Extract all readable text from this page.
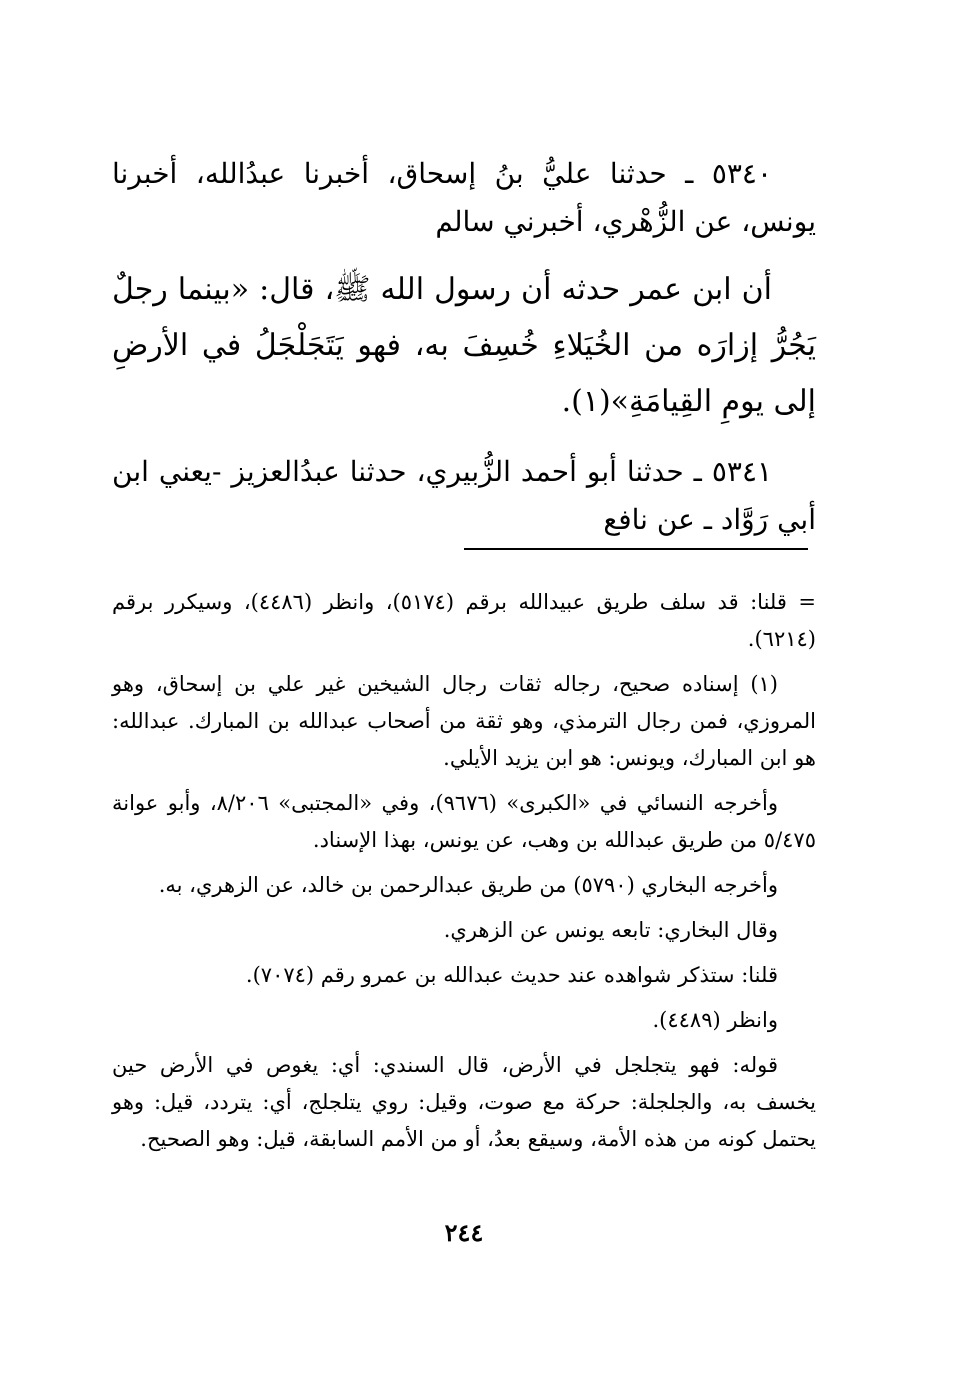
٥٣٤٠ ـ حدثنا عليُّ بنُ إسحاق، أخبرنا عبدُالله، أخبرنا يونس، عن الزُّهْري، أخبرني سالم

أن ابن عمر حدثه أن رسول الله ﷺ، قال: «بينما رجلٌ يَجُرُّ إزارَه من الخُيَلاءِ خُسِفَ به، فهو يَتَجَلْجَلُ في الأرضِ إلى يومِ القِيامَةِ»(١).

٥٣٤١ ـ حدثنا أبو أحمد الزُّبيري، حدثنا عبدُالعزيز -يعني ابن أبي رَوَّاد ـ عن نافع

= قلنا: قد سلف طريق عبيدالله برقم (٥١٧٤)، وانظر (٤٤٨٦)، وسيكرر برقم (٦٢١٤).

(١) إسناده صحيح، رجاله ثقات رجال الشيخين غير علي بن إسحاق، وهو المروزي، فمن رجال الترمذي، وهو ثقة من أصحاب عبدالله بن المبارك. عبدالله: هو ابن المبارك، ويونس: هو ابن يزيد الأيلي.

وأخرجه النسائي في «الكبرى» (٩٦٧٦)، وفي «المجتبى» ٨/٢٠٦، وأبو عوانة ٥/٤٧٥ من طريق عبدالله بن وهب، عن يونس، بهذا الإسناد.

وأخرجه البخاري (٥٧٩٠) من طريق عبدالرحمن بن خالد، عن الزهري، به.

وقال البخاري: تابعه يونس عن الزهري.

قلنا: ستذكر شواهده عند حديث عبدالله بن عمرو رقم (٧٠٧٤).

وانظر (٤٤٨٩).

قوله: فهو يتجلجل في الأرض، قال السندي: أي: يغوص في الأرض حين يخسف به، والجلجلة: حركة مع صوت، وقيل: روي يتلجلج، أي: يتردد، قيل: وهو يحتمل كونه من هذه الأمة، وسيقع بعدُ، أو من الأمم السابقة، قيل: وهو الصحيح.

٢٤٤
